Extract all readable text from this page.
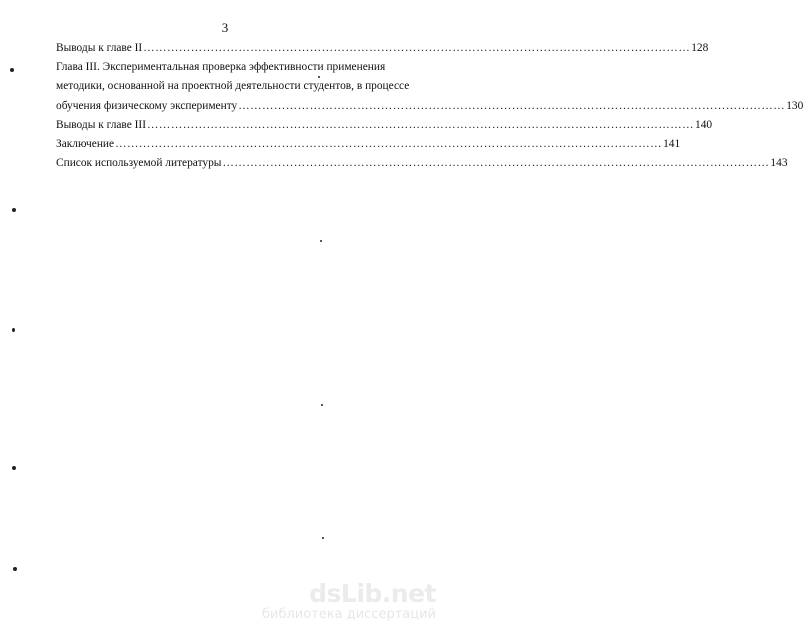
3
Выводы к главе II ………………………………………………………………………………………………………………………… 128
Глава III. Экспериментальная проверка эффективности применения
методики, основанной на проектной деятельности студентов, в процессе
обучения физическому эксперименту ………………………………………………………………………………………………………………………… 130
Выводы к главе III ………………………………………………………………………………………………………………………… 140
Заключение ………………………………………………………………………………………………………………………… 141
Список используемой литературы ………………………………………………………………………………………………………………………… 143
dsLib.net
библиотека диссертаций
